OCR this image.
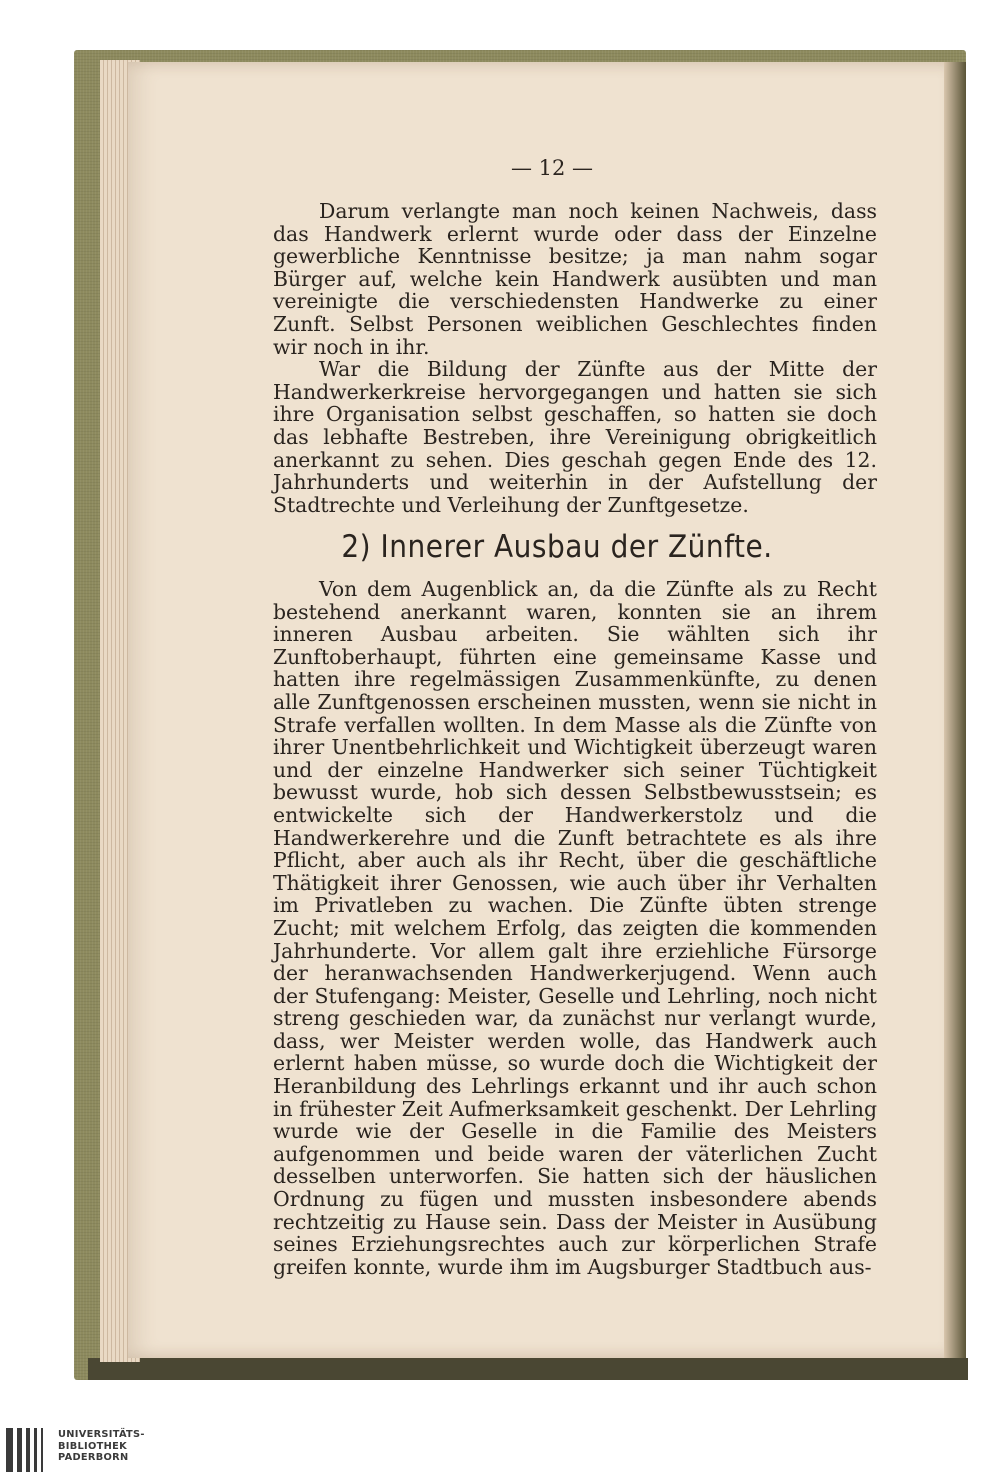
— 12 —

Darum verlangte man noch keinen Nachweis, dass das Handwerk erlernt wurde oder dass der Einzelne gewerbliche Kenntnisse besitze; ja man nahm sogar Bürger auf, welche kein Handwerk ausübten und man vereinigte die verschiedensten Handwerke zu einer Zunft. Selbst Personen weiblichen Geschlechtes finden wir noch in ihr.

War die Bildung der Zünfte aus der Mitte der Handwerkerkreise hervorgegangen und hatten sie sich ihre Organisation selbst geschaffen, so hatten sie doch das lebhafte Bestreben, ihre Vereinigung obrigkeitlich anerkannt zu sehen. Dies geschah gegen Ende des 12. Jahrhunderts und weiterhin in der Aufstellung der Stadtrechte und Verleihung der Zunftgesetze.

2) Innerer Ausbau der Zünfte.

Von dem Augenblick an, da die Zünfte als zu Recht bestehend anerkannt waren, konnten sie an ihrem inneren Ausbau arbeiten. Sie wählten sich ihr Zunftoberhaupt, führten eine gemeinsame Kasse und hatten ihre regelmässigen Zusammenkünfte, zu denen alle Zunftgenossen erscheinen mussten, wenn sie nicht in Strafe verfallen wollten. In dem Masse als die Zünfte von ihrer Unentbehrlichkeit und Wichtigkeit überzeugt waren und der einzelne Handwerker sich seiner Tüchtigkeit bewusst wurde, hob sich dessen Selbstbewusstsein; es entwickelte sich der Handwerkerstolz und die Handwerkerehre und die Zunft betrachtete es als ihre Pflicht, aber auch als ihr Recht, über die geschäftliche Thätigkeit ihrer Genossen, wie auch über ihr Verhalten im Privatleben zu wachen. Die Zünfte übten strenge Zucht; mit welchem Erfolg, das zeigten die kommenden Jahrhunderte. Vor allem galt ihre erziehliche Fürsorge der heranwachsenden Handwerkerjugend. Wenn auch der Stufengang: Meister, Geselle und Lehrling, noch nicht streng geschieden war, da zunächst nur verlangt wurde, dass, wer Meister werden wolle, das Handwerk auch erlernt haben müsse, so wurde doch die Wichtigkeit der Heranbildung des Lehrlings erkannt und ihr auch schon in frühester Zeit Aufmerksamkeit geschenkt. Der Lehrling wurde wie der Geselle in die Familie des Meisters aufgenommen und beide waren der väterlichen Zucht desselben unterworfen. Sie hatten sich der häuslichen Ordnung zu fügen und mussten insbesondere abends rechtzeitig zu Hause sein. Dass der Meister in Ausübung seines Erziehungsrechtes auch zur körperlichen Strafe greifen konnte, wurde ihm im Augsburger Stadtbuch aus-

UNIVERSITÄTS-
BIBLIOTHEK
PADERBORN
